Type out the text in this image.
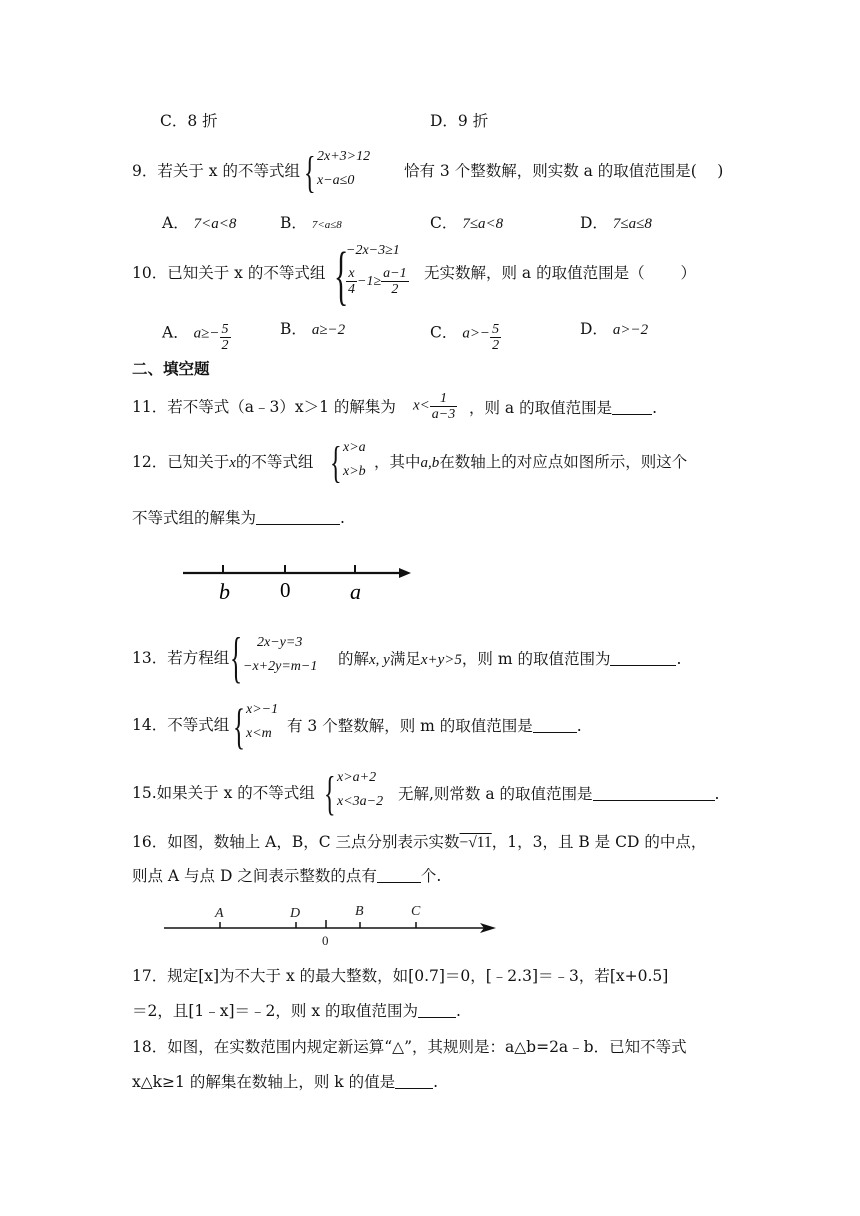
C．8 折	D．9 折
9．若关于 x 的不等式组 { 2x+3>12
x−a≤0
恰有 3 个整数解，则实数 a 的取值范围是(　 )
A． 7<a<8	B． 7<a≤8	C． 7≤a<8	D． 7≤a≤8
10．已知关于 x 的不等式组 {
−2x−3≥1
$\frac{x}{4} -1\ge \frac{a-1}{2}$ 无实数解，则 a 的取值范围是（　　 ）
A． $a\ge- \frac{5}{2}$	B． a≥−2	C． $a>- \frac{5}{2}$	D． a>−2
二、填空题
11．若不等式（a﹣3）x＞1 的解集为 $x< \frac{1}{a-3}$ ，则 a 的取值范围是	.
12．已知关于x的不等式组 { x>a
x>b
，其中a,b在数轴上的对应点如图所示，则这个
不等式组的解集为	.
b 0	a
13．若方程组 { 2x−y=3
−x+2y=m−1 的解x, y满足x+y>5，则 m 的取值范围为	.
14．不等式组 { x>−1
x<m 有 3 个整数解，则 m 的取值范围是	.
15.如果关于 x 的不等式组 { x>a+2
x<3a−2 无解,则常数 a 的取值范围是	.
16．如图，数轴上 A，B，C 三点分别表示实数−√11，1，3，且 B 是 CD 的中点，
则点 A 与点 D 之间表示整数的点有	个.
A	D	B	C
0
17．规定[x]为不大于 x 的最大整数，如[0.7]＝0，[﹣2.3]＝﹣3，若[x+0.5]
＝2，且[1﹣x]＝﹣2，则 x 的取值范围为 .
18．如图，在实数范围内规定新运算“△”，其规则是：a△b=2a﹣b．已知不等式
x△k≥1 的解集在数轴上，则 k 的值是 .
